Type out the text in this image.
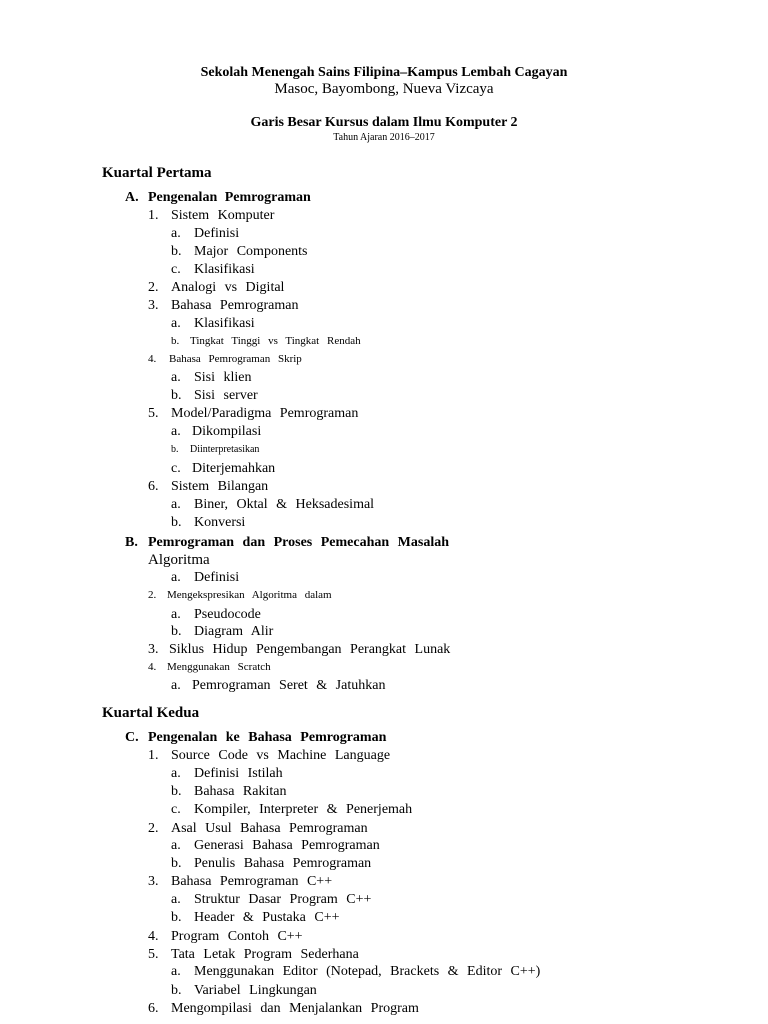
Sekolah Menengah Sains Filipina–Kampus Lembah Cagayan
Masoc, Bayombong, Nueva Vizcaya
Garis Besar Kursus dalam Ilmu Komputer 2
Tahun Ajaran 2016–2017
Kuartal Pertama
A. Pengenalan Pemrograman
1. Sistem Komputer
a. Definisi
b. Major Components
c. Klasifikasi
2. Analogi vs Digital
3. Bahasa Pemrograman
a. Klasifikasi
b. Tingkat Tinggi vs Tingkat Rendah
4. Bahasa Pemrograman Skrip
a. Sisi klien
b. Sisi server
5. Model/Paradigma Pemrograman
a. Dikompilasi
b. Diinterpretasikan
c. Diterjemahkan
6. Sistem Bilangan
a. Biner, Oktal & Heksadesimal
b. Konversi
B. Pemrograman dan Proses Pemecahan Masalah
Algoritma
a. Definisi
2. Mengekspresikan Algoritma dalam
a. Pseudocode
b. Diagram Alir
3. Siklus Hidup Pengembangan Perangkat Lunak
4. Menggunakan Scratch
a. Pemrograman Seret & Jatuhkan
Kuartal Kedua
C. Pengenalan ke Bahasa Pemrograman
1. Source Code vs Machine Language
a. Definisi Istilah
b. Bahasa Rakitan
c. Kompiler, Interpreter & Penerjemah
2. Asal Usul Bahasa Pemrograman
a. Generasi Bahasa Pemrograman
b. Penulis Bahasa Pemrograman
3. Bahasa Pemrograman C++
a. Struktur Dasar Program C++
b. Header & Pustaka C++
4. Program Contoh C++
5. Tata Letak Program Sederhana
a. Menggunakan Editor (Notepad, Brackets & Editor C++)
b. Variabel Lingkungan
6. Mengompilasi dan Menjalankan Program
